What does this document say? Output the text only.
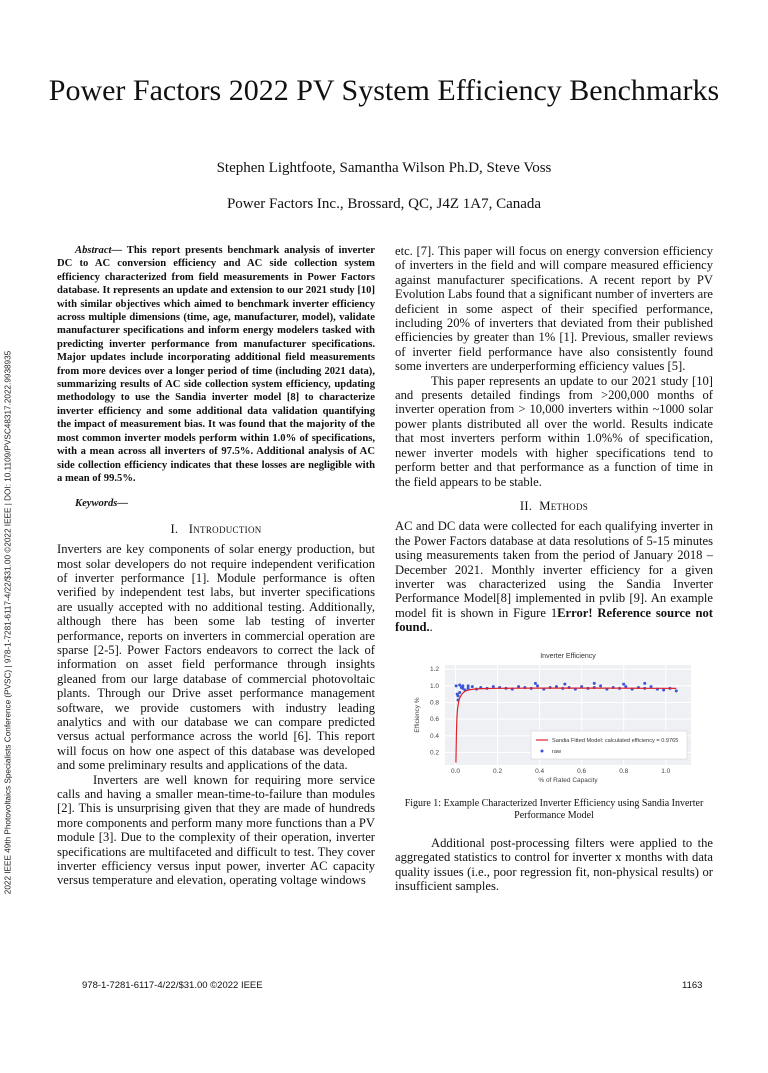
Power Factors 2022 PV System Efficiency Benchmarks
Stephen Lightfoote, Samantha Wilson Ph.D, Steve Voss
Power Factors Inc., Brossard, QC, J4Z 1A7, Canada
2022 IEEE 49th Photovoltaics Specialists Conference (PVSC) | 978-1-7281-6117-4/22/$31.00 ©2022 IEEE | DOI: 10.1109/PVSC48317.2022.9938935

Abstract— This report presents benchmark analysis of inverter DC to AC conversion efficiency and AC side collection system efficiency characterized from field measurements in Power Factors database. It represents an update and extension to our 2021 study [10] with similar objectives which aimed to benchmark inverter efficiency across multiple dimensions (time, age, manufacturer, model), validate manufacturer specifications and inform energy modelers tasked with predicting inverter performance from manufacturer specifications. Major updates include incorporating additional field measurements from more devices over a longer period of time (including 2021 data), summarizing results of AC side collection system efficiency, updating methodology to use the Sandia inverter model [8] to characterize inverter efficiency and some additional data validation quantifying the impact of measurement bias. It was found that the majority of the most common inverter models perform within 1.0% of specifications, with a mean across all inverters of 97.5%. Additional analysis of AC side collection efficiency indicates that these losses are negligible with a mean of 99.5%.

Keywords—

I. Introduction

Inverters are key components of solar energy production, but most solar developers do not require independent verification of inverter performance [1]. Module performance is often verified by independent test labs, but inverter specifications are usually accepted with no additional testing. Additionally, although there has been some lab testing of inverter performance, reports on inverters in commercial operation are sparse [2-5]. Power Factors endeavors to correct the lack of information on asset field performance through insights gleaned from our large database of commercial photovoltaic plants. Through our Drive asset performance management software, we provide customers with industry leading analytics and with our database we can compare predicted versus actual performance across the world [6]. This report will focus on how one aspect of this database was developed and some preliminary results and applications of the data.

Inverters are well known for requiring more service calls and having a smaller mean-time-to-failure than modules [2]. This is unsurprising given that they are made of hundreds more components and perform many more functions than a PV module [3]. Due to the complexity of their operation, inverter specifications are multifaceted and difficult to test. They cover inverter efficiency versus input power, inverter AC capacity versus temperature and elevation, operating voltage windows

etc. [7]. This paper will focus on energy conversion efficiency of inverters in the field and will compare measured efficiency against manufacturer specifications. A recent report by PV Evolution Labs found that a significant number of inverters are deficient in some aspect of their specified performance, including 20% of inverters that deviated from their published efficiencies by greater than 1% [1]. Previous, smaller reviews of inverter field performance have also consistently found some inverters are underperforming efficiency values [5].

This paper represents an update to our 2021 study [10] and presents detailed findings from >200,000 months of inverter operation from > 10,000 inverters within ~1000 solar power plants distributed all over the world. Results indicate that most inverters perform within 1.0%% of specification, newer inverter models with higher specifications tend to perform better and that performance as a function of time in the field appears to be stable.

II. Methods

AC and DC data were collected for each qualifying inverter in the Power Factors database at data resolutions of 5-15 minutes using measurements taken from the period of January 2018 – December 2021. Monthly inverter efficiency for a given inverter was characterized using the Sandia Inverter Performance Model[8] implemented in pvlib [9]. An example model fit is shown in Figure 1Error! Reference source not found..

0.0	0.2	0.4	0.6	0.8	1.0
0.2
0.4
0.6
0.8
1.0
1.2
Inverter Efficiency
% of Rated Capacity
Efficiency %
Sandia Fitted Model: calculated efficiency = 0.9765
raw

Figure 1: Example Characterized Inverter Efficiency using Sandia Inverter Performance Model

Additional post-processing filters were applied to the aggregated statistics to control for inverter x months with data quality issues (i.e., poor regression fit, non-physical results) or insufficient samples.

978-1-7281-6117-4/22/$31.00 ©2022 IEEE	1163
